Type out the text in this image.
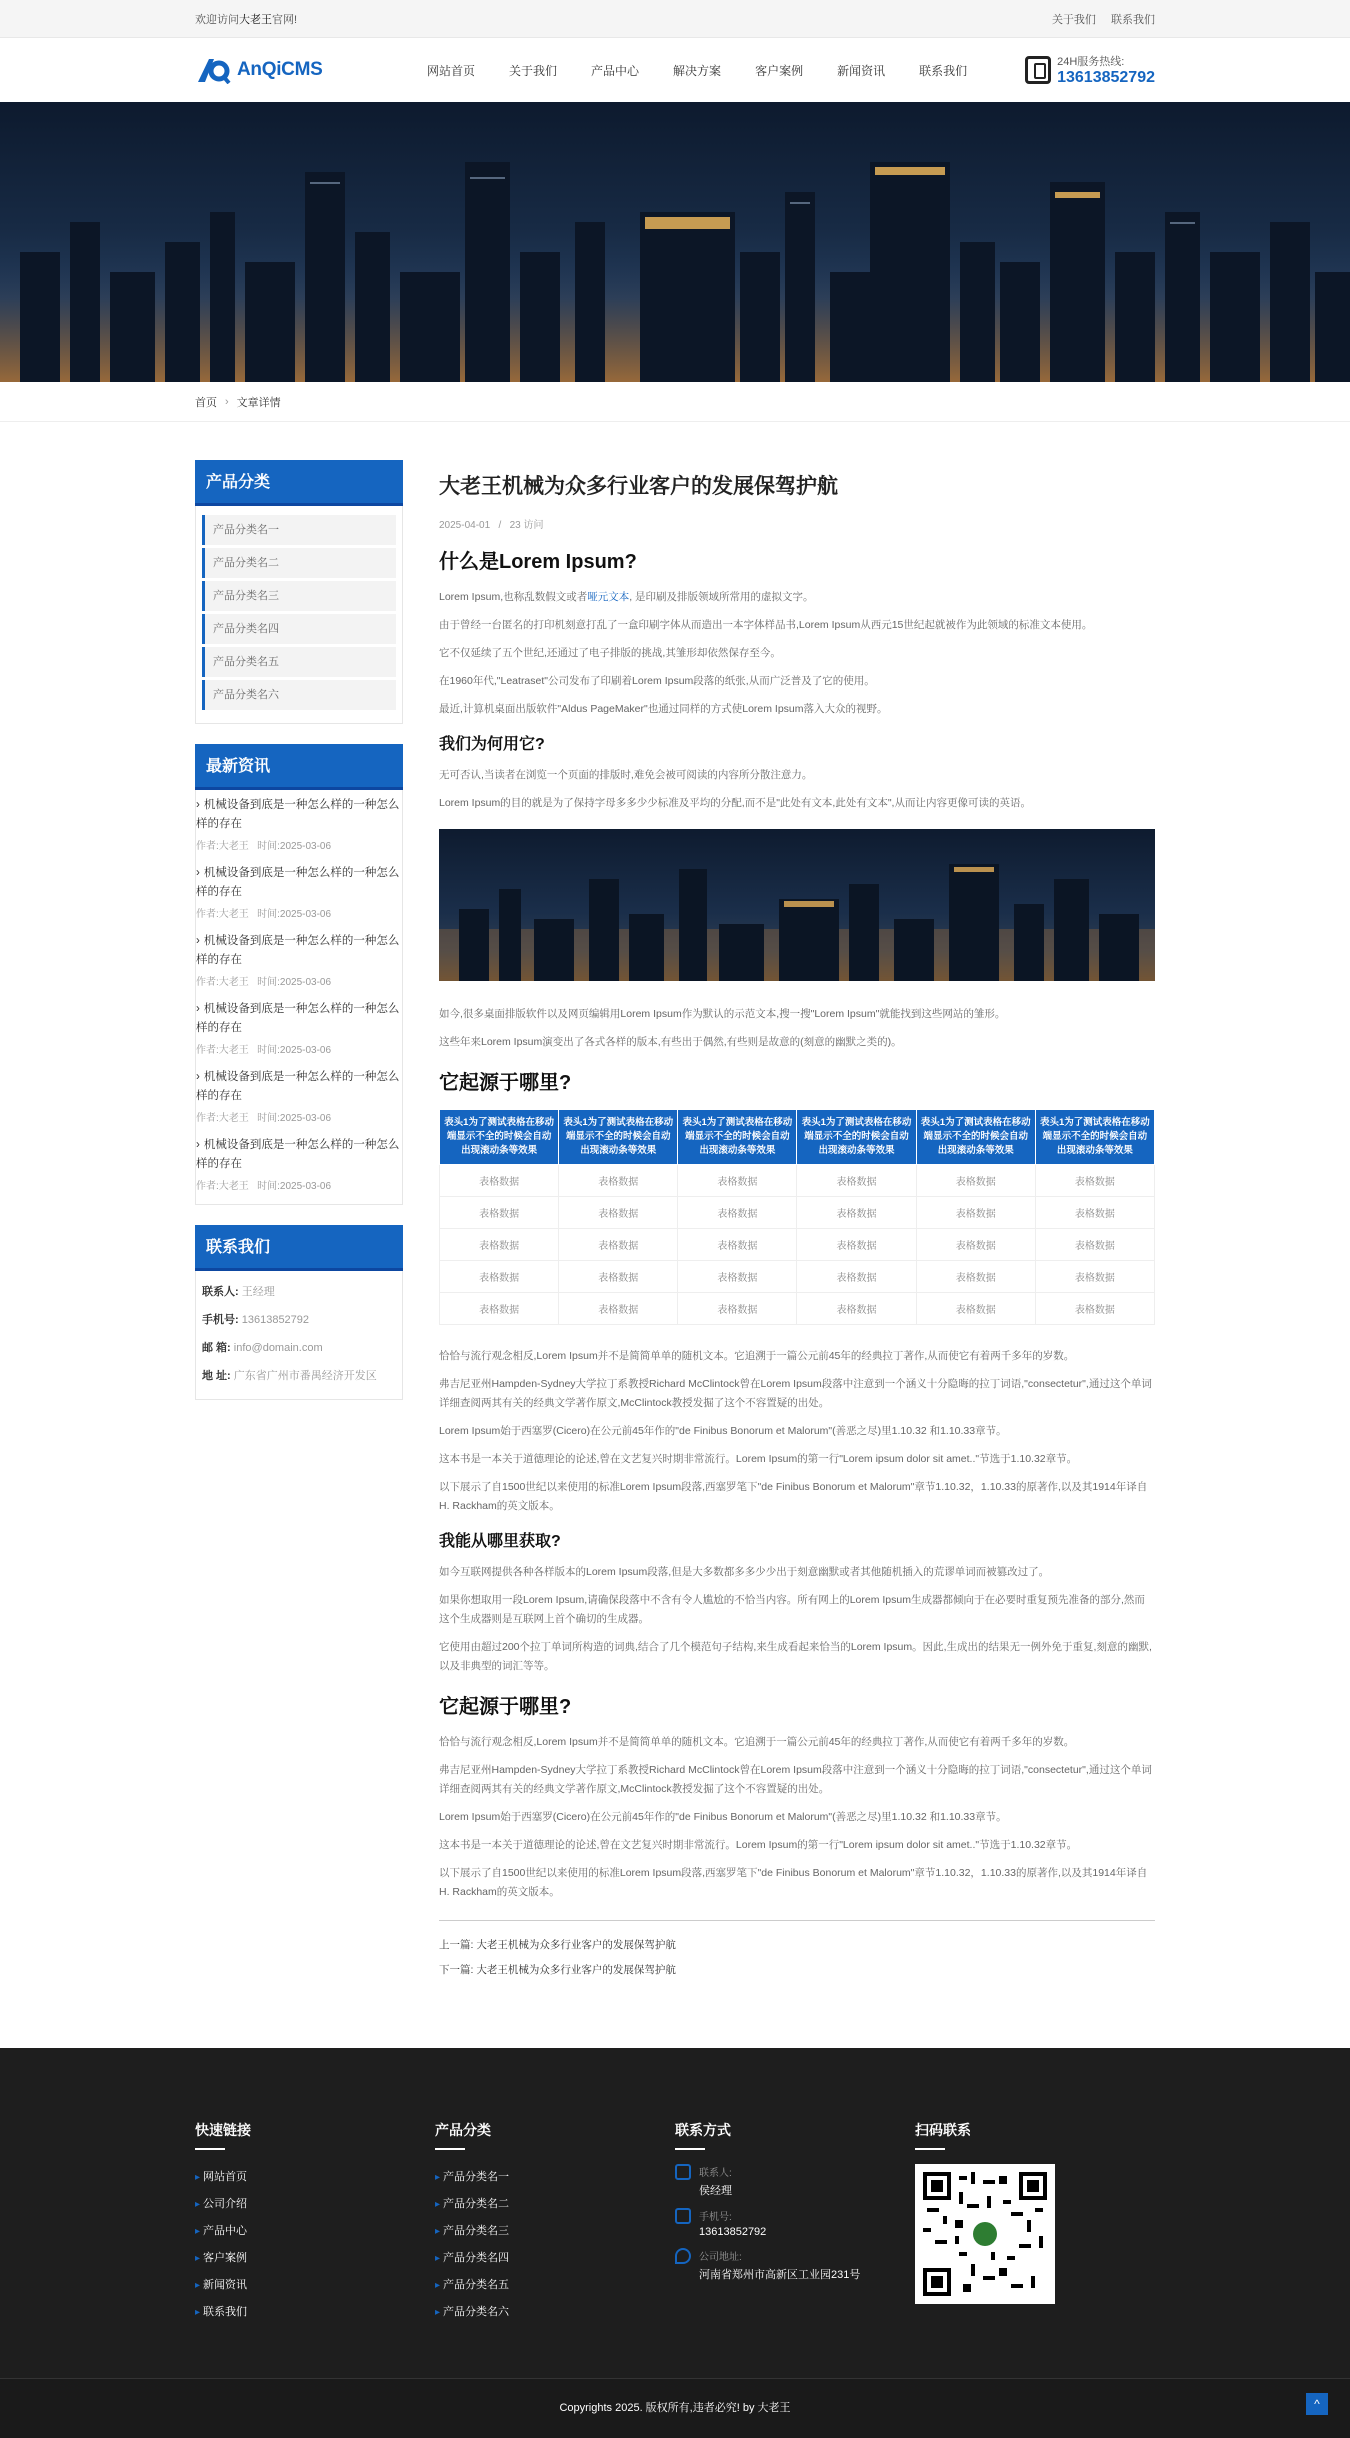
欢迎访问大老王官网!	关于我们 联系我们
AnQiCMS	网站首页	关于我们	产品中心	解决方案	客户案例	新闻资讯	联系我们
24H服务热线:
13613852792
首页 › 文章详情
产品分类
产品分类名一
产品分类名二
产品分类名三
产品分类名四
产品分类名五
产品分类名六
最新资讯
› 机械设备到底是一种怎么样的一种怎么样的存在
作者:大老王 时间:2025-03-06
› 机械设备到底是一种怎么样的一种怎么样的存在
作者:大老王 时间:2025-03-06
› 机械设备到底是一种怎么样的一种怎么样的存在
作者:大老王 时间:2025-03-06
› 机械设备到底是一种怎么样的一种怎么样的存在
作者:大老王 时间:2025-03-06
› 机械设备到底是一种怎么样的一种怎么样的存在
作者:大老王 时间:2025-03-06
› 机械设备到底是一种怎么样的一种怎么样的存在
作者:大老王 时间:2025-03-06
联系我们
联系人: 王经理
手机号: 13613852792
邮 箱: info@domain.com
地 址: 广东省广州市番禺经济开发区
大老王机械为众多行业客户的发展保驾护航
2025-04-01   /   23 访问
什么是Lorem Ipsum?

Lorem Ipsum,也称乱数假文或者哑元文本, 是印刷及排版领域所常用的虚拟文字。

由于曾经一台匿名的打印机刻意打乱了一盒印刷字体从而造出一本字体样品书,Lorem Ipsum从西元15世纪起就被作为此领域的标准文本使用。

它不仅延续了五个世纪,还通过了电子排版的挑战,其雏形却依然保存至今。

在1960年代,"Leatraset"公司发布了印刷着Lorem Ipsum段落的纸张,从而广泛普及了它的使用。

最近,计算机桌面出版软件"Aldus PageMaker"也通过同样的方式使Lorem Ipsum落入大众的视野。

我们为何用它?

无可否认,当读者在浏览一个页面的排版时,难免会被可阅读的内容所分散注意力。

Lorem Ipsum的目的就是为了保持字母多多少少标准及平均的分配,而不是"此处有文本,此处有文本",从而让内容更像可读的英语。

如今,很多桌面排版软件以及网页编辑用Lorem Ipsum作为默认的示范文本,搜一搜"Lorem Ipsum"就能找到这些网站的雏形。

这些年来Lorem Ipsum演变出了各式各样的版本,有些出于偶然,有些则是故意的(刻意的幽默之类的)。

它起源于哪里?
表头1为了测试表格在移动端显示不全的时候会自动出现滚动条等效果	表头1为了测试表格在移动端显示不全的时候会自动出现滚动条等效果	表头1为了测试表格在移动端显示不全的时候会自动出现滚动条等效果	表头1为了测试表格在移动端显示不全的时候会自动出现滚动条等效果	表头1为了测试表格在移动端显示不全的时候会自动出现滚动条等效果	表头1为了测试表格在移动端显示不全的时候会自动出现滚动条等效果
表格数据	表格数据	表格数据	表格数据	表格数据	表格数据
表格数据	表格数据	表格数据	表格数据	表格数据	表格数据
表格数据	表格数据	表格数据	表格数据	表格数据	表格数据
表格数据	表格数据	表格数据	表格数据	表格数据	表格数据
表格数据	表格数据	表格数据	表格数据	表格数据	表格数据

恰恰与流行观念相反,Lorem Ipsum并不是简简单单的随机文本。它追溯于一篇公元前45年的经典拉丁著作,从而使它有着两千多年的岁数。

弗吉尼亚州Hampden-Sydney大学拉丁系教授Richard McClintock曾在Lorem Ipsum段落中注意到一个涵义十分隐晦的拉丁词语,"consectetur",通过这个单词详细查阅两其有关的经典文学著作原文,McClintock教授发掘了这个不容置疑的出处。

Lorem Ipsum始于西塞罗(Cicero)在公元前45年作的"de Finibus Bonorum et Malorum"(善恶之尽)里1.10.32 和1.10.33章节。

这本书是一本关于道德理论的论述,曾在文艺复兴时期非常流行。Lorem Ipsum的第一行"Lorem ipsum dolor sit amet.."节选于1.10.32章节。

以下展示了自1500世纪以来使用的标准Lorem Ipsum段落,西塞罗笔下"de Finibus Bonorum et Malorum"章节1.10.32，1.10.33的原著作,以及其1914年译自H. Rackham的英文版本。

我能从哪里获取?

如今互联网提供各种各样版本的Lorem Ipsum段落,但是大多数都多多少少出于刻意幽默或者其他随机插入的荒谬单词而被篡改过了。

如果你想取用一段Lorem Ipsum,请确保段落中不含有令人尴尬的不恰当内容。所有网上的Lorem Ipsum生成器都倾向于在必要时重复预先准备的部分,然而这个生成器则是互联网上首个确切的生成器。

它使用由超过200个拉丁单词所构造的词典,结合了几个模范句子结构,来生成看起来恰当的Lorem Ipsum。因此,生成出的结果无一例外免于重复,刻意的幽默,以及非典型的词汇等等。

它起源于哪里?

恰恰与流行观念相反,Lorem Ipsum并不是简简单单的随机文本。它追溯于一篇公元前45年的经典拉丁著作,从而使它有着两千多年的岁数。

弗吉尼亚州Hampden-Sydney大学拉丁系教授Richard McClintock曾在Lorem Ipsum段落中注意到一个涵义十分隐晦的拉丁词语,"consectetur",通过这个单词详细查阅两其有关的经典文学著作原文,McClintock教授发掘了这个不容置疑的出处。

Lorem Ipsum始于西塞罗(Cicero)在公元前45年作的"de Finibus Bonorum et Malorum"(善恶之尽)里1.10.32 和1.10.33章节。

这本书是一本关于道德理论的论述,曾在文艺复兴时期非常流行。Lorem Ipsum的第一行"Lorem ipsum dolor sit amet.."节选于1.10.32章节。

以下展示了自1500世纪以来使用的标准Lorem Ipsum段落,西塞罗笔下"de Finibus Bonorum et Malorum"章节1.10.32，1.10.33的原著作,以及其1914年译自H. Rackham的英文版本。

上一篇: 大老王机械为众多行业客户的发展保驾护航
下一篇: 大老王机械为众多行业客户的发展保驾护航
快速链接
▸ 网站首页
▸ 公司介绍
▸ 产品中心
▸ 客户案例
▸ 新闻资讯
▸ 联系我们
产品分类
▸ 产品分类名一
▸ 产品分类名二
▸ 产品分类名三
▸ 产品分类名四
▸ 产品分类名五
▸ 产品分类名六
联系方式
联系人:
侯经理
手机号:
13613852792
公司地址:
河南省郑州市高新区工业园231号
扫码联系
Copyrights 2025. 版权所有,违者必究! by 大老王	^
